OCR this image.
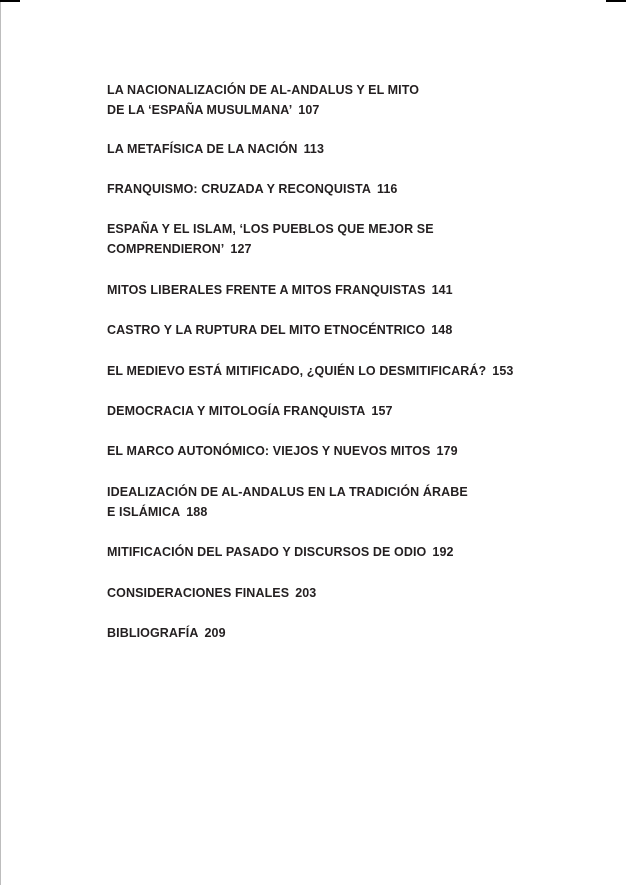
LA NACIONALIZACIÓN DE AL-ANDALUS Y EL MITO
DE LA ‘ESPAÑA MUSULMANA’ 107
LA METAFÍSICA DE LA NACIÓN 113
FRANQUISMO: CRUZADA Y RECONQUISTA 116
ESPAÑA Y EL ISLAM, ‘LOS PUEBLOS QUE MEJOR SE
COMPRENDIERON’ 127
MITOS LIBERALES FRENTE A MITOS FRANQUISTAS 141
CASTRO Y LA RUPTURA DEL MITO ETNOCÉNTRICO 148
EL MEDIEVO ESTÁ MITIFICADO, ¿QUIÉN LO DESMITIFICARÁ? 153
DEMOCRACIA Y MITOLOGÍA FRANQUISTA 157
EL MARCO AUTONÓMICO: VIEJOS Y NUEVOS MITOS 179
IDEALIZACIÓN DE AL-ANDALUS EN LA TRADICIÓN ÁRABE
E ISLÁMICA 188
MITIFICACIÓN DEL PASADO Y DISCURSOS DE ODIO 192
CONSIDERACIONES FINALES 203
BIBLIOGRAFÍA 209
